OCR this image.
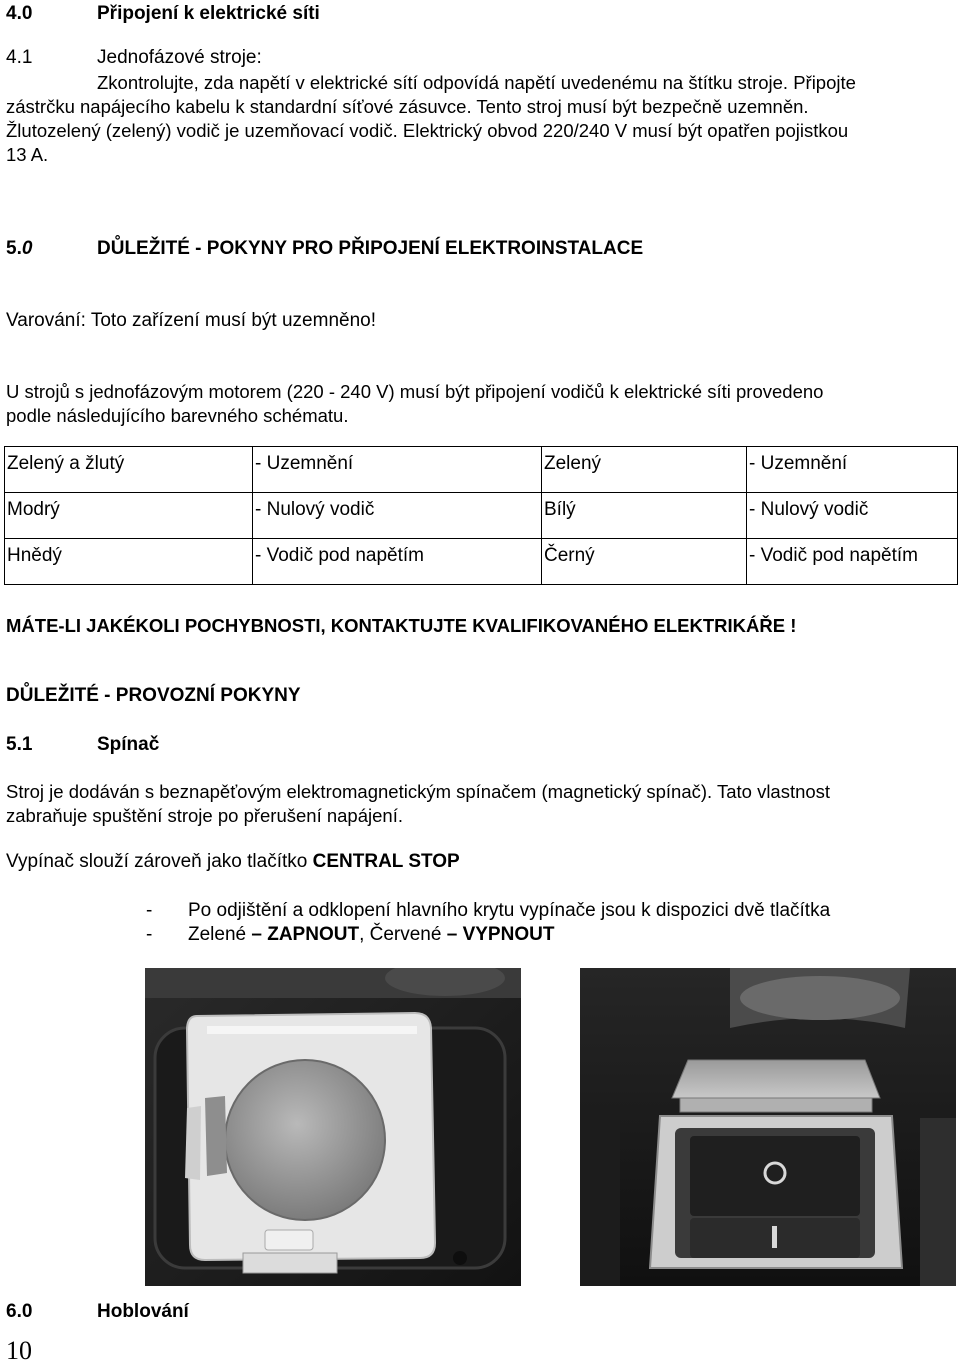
4.0	Připojení k elektrické síti
4.1	Jednofázové stroje:
Zkontrolujte, zda napětí v elektrické sítí odpovídá napětí uvedenému na štítku stroje. Připojte
zástrčku napájecího kabelu k standardní síťové zásuvce. Tento stroj musí být bezpečně uzemněn.
Žlutozelený (zelený) vodič je uzemňovací vodič. Elektrický obvod 220/240 V musí být opatřen pojistkou
13 A.
5.0	DŮLEŽITÉ - POKYNY PRO PŘIPOJENÍ ELEKTROINSTALACE
Varování: Toto zařízení musí být uzemněno!
U strojů s jednofázovým motorem (220 - 240 V) musí být připojení vodičů k elektrické síti provedeno
podle následujícího barevného schématu.
Zelený a žlutý	- Uzemnění	Zelený	- Uzemnění
Modrý	- Nulový vodič	Bílý	- Nulový vodič
Hnědý	- Vodič pod napětím	Černý	- Vodič pod napětím
MÁTE-LI JAKÉKOLI POCHYBNOSTI, KONTAKTUJTE KVALIFIKOVANÉHO ELEKTRIKÁŘE !
DŮLEŽITÉ - PROVOZNÍ POKYNY
5.1	Spínač
Stroj je dodáván s beznapěťovým elektromagnetickým spínačem (magnetický spínač). Tato vlastnost
zabraňuje spuštění stroje po přerušení napájení.
Vypínač slouží zároveň jako tlačítko CENTRAL STOP
- Po odjištění a odklopení hlavního krytu vypínače jsou k dispozici dvě tlačítka
- Zelené – ZAPNOUT, Červené – VYPNOUT
6.0	Hoblování
10
